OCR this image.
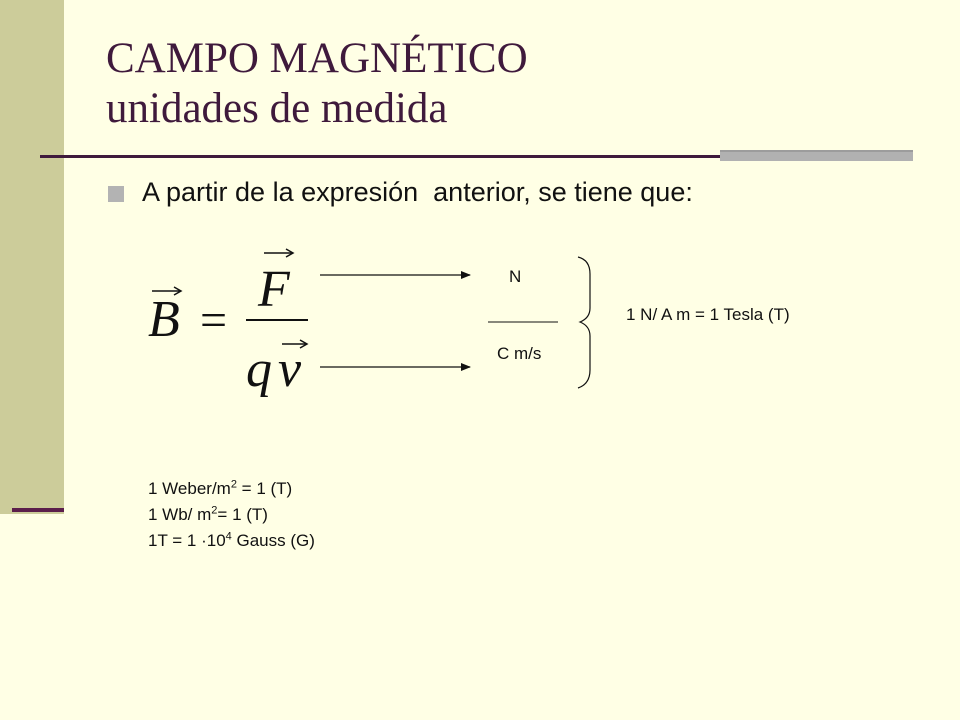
CAMPO MAGNÉTICO
unidades de medida
A partir de la expresión  anterior, se tiene que:
B
F
q v
=
N
C m/s
1 N/ A m = 1 Tesla (T)
1 Weber/$m^2 = 1$ (T)
1 Wb/ $m^2= 1$ (T)
$1T = 1 \cdot 10^4$ Gauss (G)
